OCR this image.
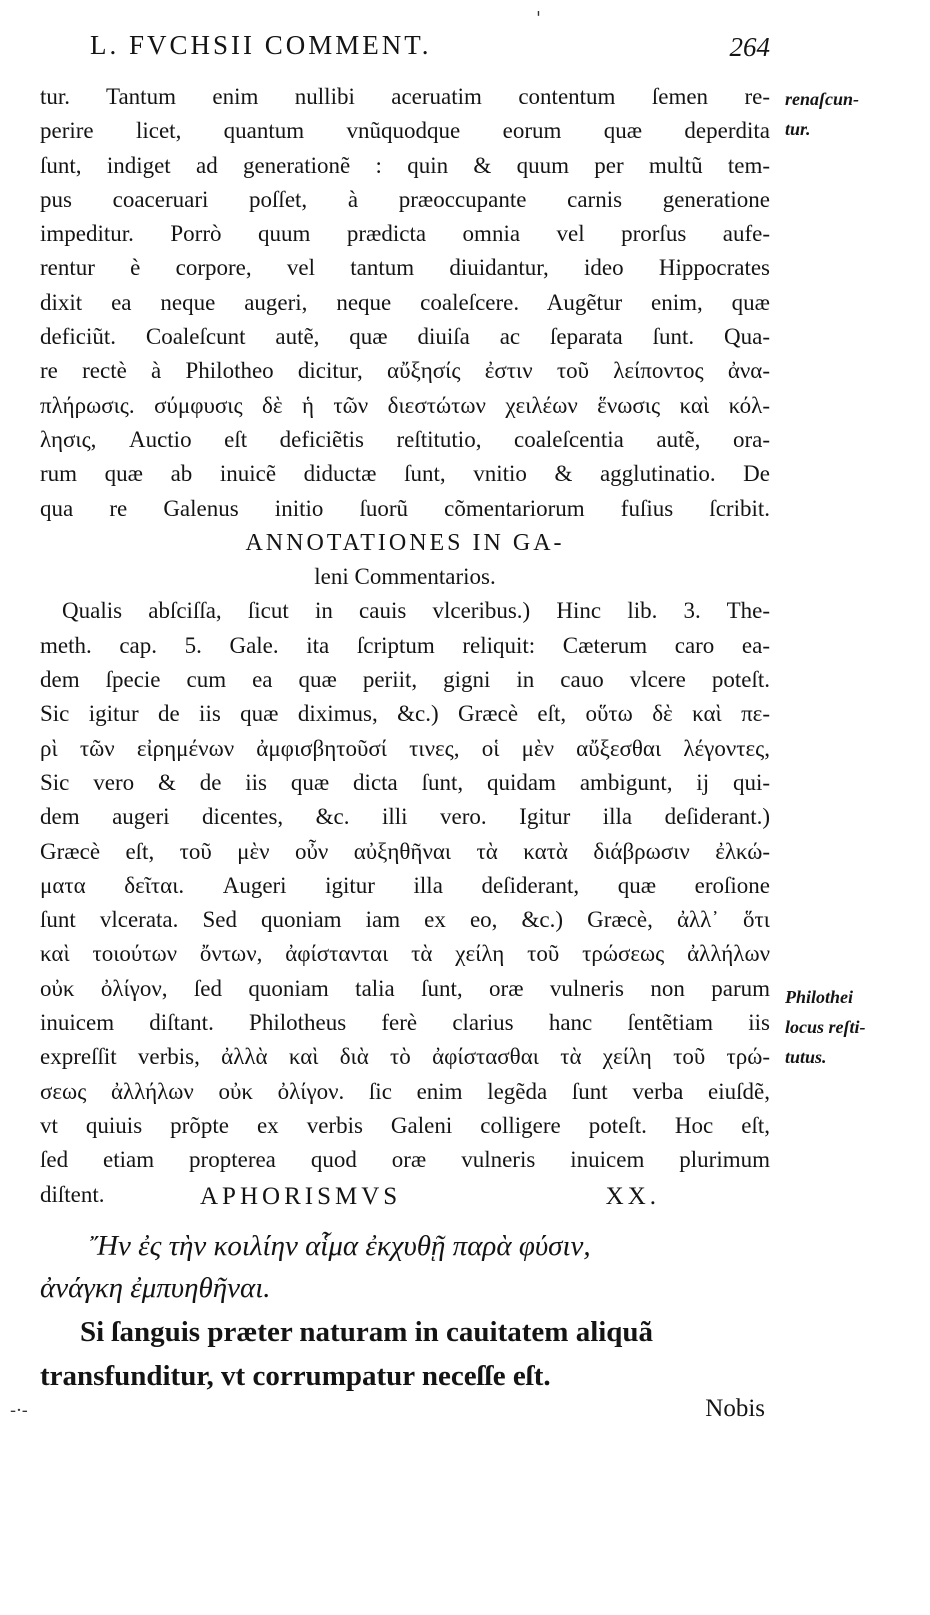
L. FVCHSII COMMENT.	264
tur. Tantum enim nullibi aceruatim contentum ſemen re-
perire licet, quantum vnũquodque eorum quæ deperdita
ſunt, indiget ad generationẽ : quin & quum per multũ tem-
pus coaceruari poſſet, à præoccupante carnis generatione
impeditur. Porrò quum prædicta omnia vel prorſus aufe-
rentur è corpore, vel tantum diuidantur, ideo Hippocrates
dixit ea neque augeri, neque coaleſcere. Augẽtur enim, quæ
deficiũt. Coaleſcunt autẽ, quæ diuiſa ac ſeparata ſunt. Qua-
re rectè à Philotheo dicitur, αὔξησίς ἐστιν τοῦ λείποντος ἀνα-
πλήρωσις. σύμφυσις δὲ ἡ τῶν διεστώτων χειλέων ἕνωσις καὶ κόλ-
λησις, Auctio eſt deficiẽtis reſtitutio, coaleſcentia autẽ, ora-
rum quæ ab inuicẽ diductæ ſunt, vnitio & agglutinatio. De
qua re Galenus initio ſuorũ cõmentariorum fuſius ſcribit.
ANNOTATIONES IN GA-
leni Commentarios.
Qualis abſciſſa, ſicut in cauis vlceribus.) Hinc lib. 3. The-
meth. cap. 5. Gale. ita ſcriptum reliquit: Cæterum caro ea-
dem ſpecie cum ea quæ periit, gigni in cauo vlcere poteſt.
Sic igitur de iis quæ diximus, &c.) Græcè eſt, οὕτω δὲ καὶ πε-
ρὶ τῶν εἰρημένων ἀμφισβητοῦσί τινες, οἱ μὲν αὔξεσθαι λέγοντες,
Sic vero & de iis quæ dicta ſunt, quidam ambigunt, ij qui-
dem augeri dicentes, &c. illi vero. Igitur illa deſiderant.)
Græcè eſt, τοῦ μὲν οὖν αὐξηθῆναι τὰ κατὰ διάβρωσιν ἐλκώ-
ματα δεῖται. Augeri igitur illa deſiderant, quæ eroſione
ſunt vlcerata. Sed quoniam iam ex eo, &c.) Græcè, ἀλλ᾽ ὅτι
καὶ τοιούτων ὄντων, ἀφίστανται τὰ χείλη τοῦ τρώσεως ἀλλήλων
οὐκ ὀλίγον, ſed quoniam talia ſunt, oræ vulneris non parum
inuicem diſtant. Philotheus ferè clarius hanc ſentẽtiam iis
expreſſit verbis, ἀλλὰ καὶ διὰ τὸ ἀφίστασθαι τὰ χείλη τοῦ τρώ-
σεως ἀλλήλων οὐκ ὀλίγον. ſic enim legẽda ſunt verba eiuſdẽ,
vt quiuis prõpte ex verbis Galeni colligere poteſt. Hoc eſt,
ſed etiam propterea quod oræ vulneris inuicem plurimum
diſtent.
renaſcun-
tur.
Philothei
locus reſti-
tutus.
APHORISMVS	XX.
Ἤν ἐς τὴν κοιλίην αἷμα ἐκχυθῇ παρὰ φύσιν,
ἀνάγκη ἐμπυηθῆναι.
Si ſanguis præter naturam in cauitatem aliquã
transfunditur, vt corrumpatur neceſſe eſt.
Nobis
'
-·-
